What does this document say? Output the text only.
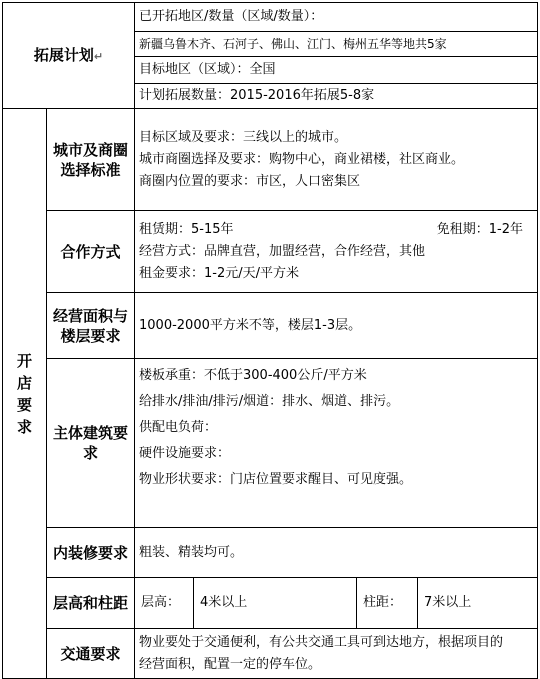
拓展计划↵		已开拓地区/数量（区域/数量）：

		新疆乌鲁木齐、石河子、佛山、江门、梅州五华等地共5家

		目标地区（区域）：全国

		计划拓展数量：2015-2016年拓展5-8家

开
店
要
求	城市及商圈选择标准	目标区域及要求：三线以上的城市。
城市商圈选择及要求：购物中心，商业裙楼，社区商业。
商圈内位置的要求：市区，人口密集区

	合作方式	租赁期：5-15年 免租期：1-2年
经营方式：品牌直营，加盟经营，合作经营，其他
租金要求：1-2元/天/平方米

	经营面积与楼层要求	1000-2000平方米不等，楼层1-3层。

	主体建筑要求	楼板承重：不低于300-400公斤/平方米
给排水/排油/排污/烟道：排水、烟道、排污。
供配电负荷：
硬件设施要求：
物业形状要求：门店位置要求醒目、可见度强。

	内装修要求	粗装、精装均可。

	层高和柱距	层高： 4米以上 柱距： 7米以上

	交通要求	物业要处于交通便利，有公共交通工具可到达地方，根据项目的
经营面积，配置一定的停车位。
